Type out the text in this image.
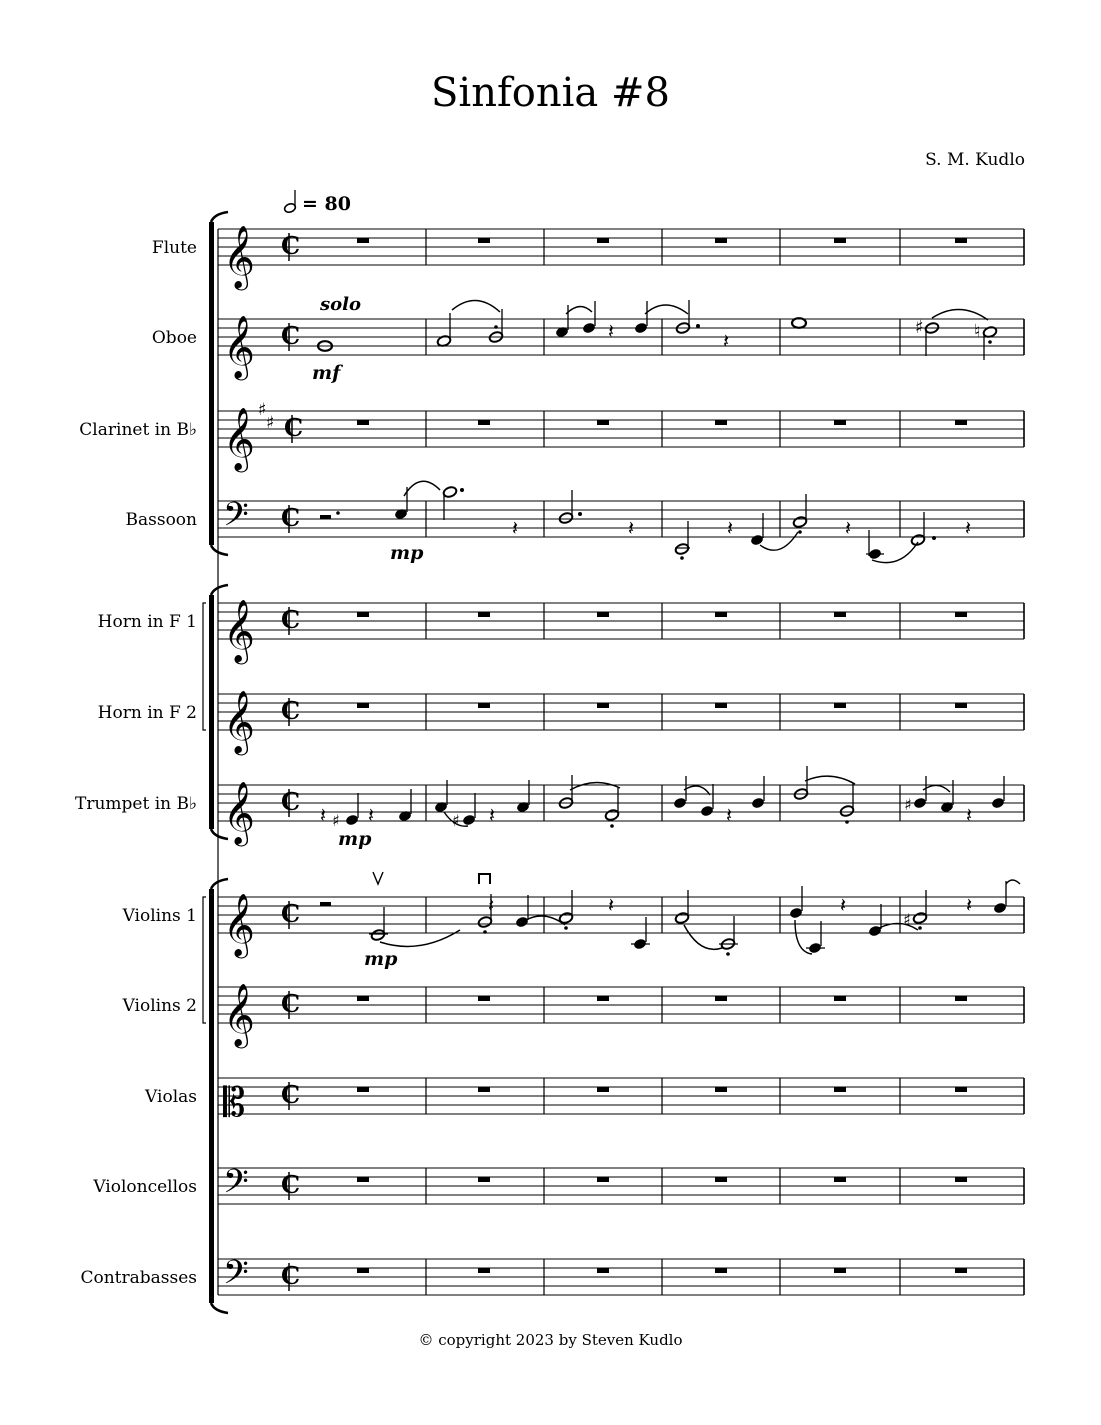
Sinfonia #8
S. M. Kudlo
© copyright 2023 by Steven Kudlo
= 80
solo
mf
mp
mp
mp
Flute 𝄞 C
Oboe 𝄞 C
Clarinet in B♭ 𝄞 ♯
♯ C
Bassoon 𝄢 C
Horn in F 1 𝄞 C
Horn in F 2 𝄞 C
Trumpet in B♭ 𝄞 C
Violins 1 𝄞 C
Violins 2 𝄞 C
Violas 𝄡 C
Violoncellos 𝄢 C
Contrabasses 𝄢 C
𝄽	𝄽
♯	♮
𝄽	𝄽	𝄽	𝄽	𝄽
𝄽 ♯ 𝄽	♯ 𝄽	𝄽	♯	𝄽
𝄽	𝄽	𝄽
♯
𝄽
